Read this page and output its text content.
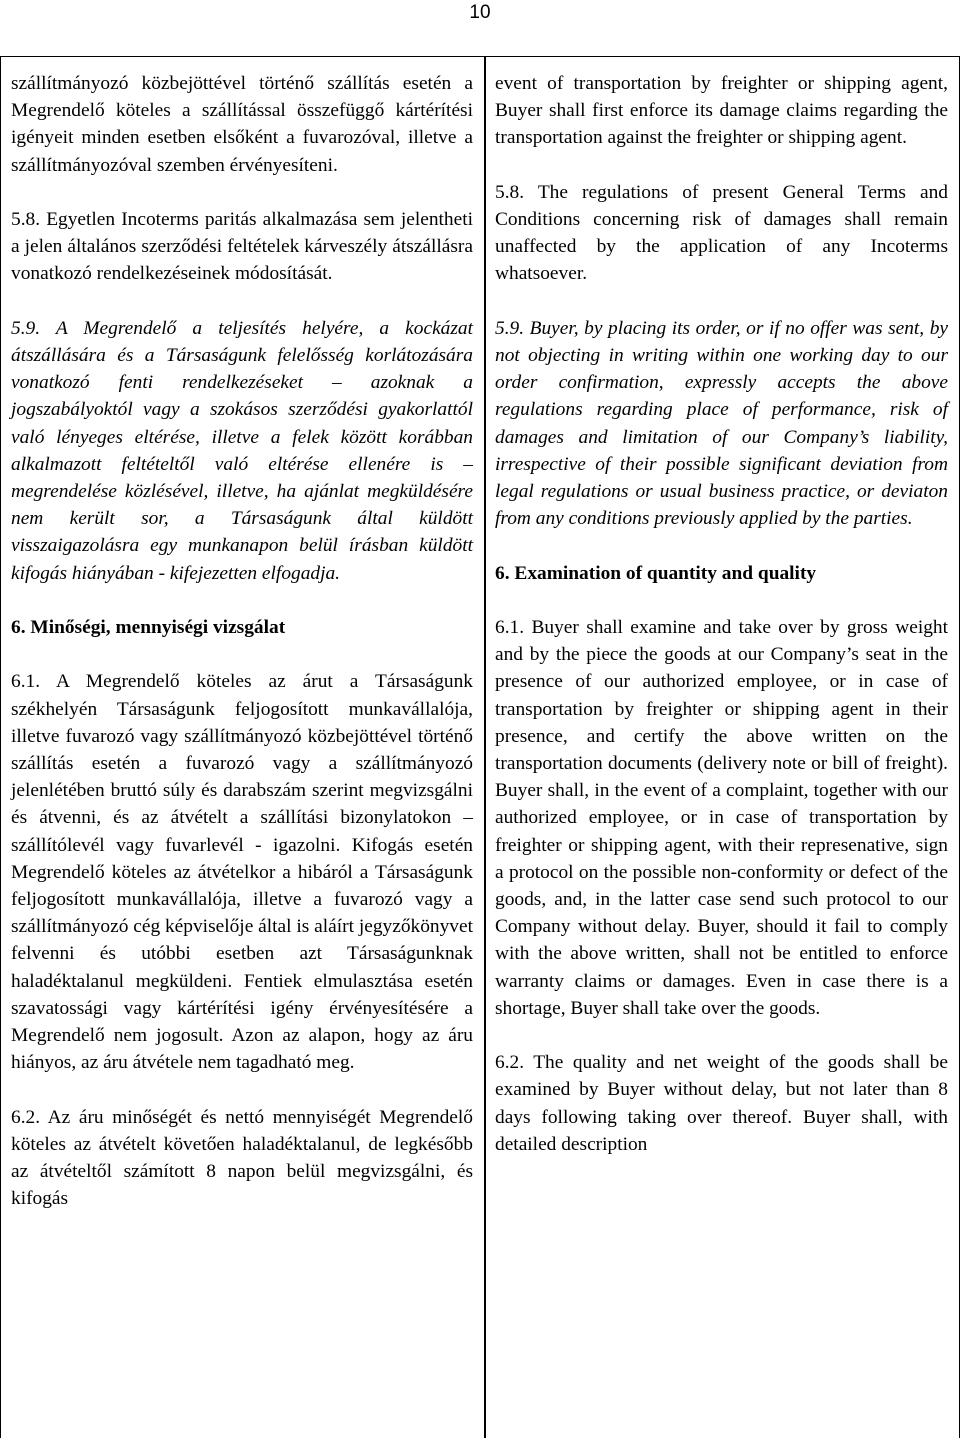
10

szállítmányozó közbejöttével történő szállítás esetén a Megrendelő köteles a szállítással összefüggő kártérítési igényeit minden esetben elsőként a fuvarozóval, illetve a szállítmányozóval szemben érvényesíteni.

5.8. Egyetlen Incoterms paritás alkalmazása sem jelentheti a jelen általános szerződési feltételek kárveszély átszállásra vonatkozó rendelkezéseinek módosítását.

5.9. A Megrendelő a teljesítés helyére, a kockázat átszállására és a Társaságunk felelősség korlátozására vonatkozó fenti rendelkezéseket – azoknak a jogszabályoktól vagy a szokásos szerződési gyakorlattól való lényeges eltérése, illetve a felek között korábban alkalmazott feltételtől való eltérése ellenére is – megrendelése közlésével, illetve, ha ajánlat megküldésére nem került sor, a Társaságunk által küldött visszaigazolásra egy munkanapon belül írásban küldött kifogás hiányában - kifejezetten elfogadja.

6. Minőségi, mennyiségi vizsgálat

6.1. A Megrendelő köteles az árut a Társaságunk székhelyén Társaságunk feljogosított munkavállalója, illetve fuvarozó vagy szállítmányozó közbejöttével történő szállítás esetén a fuvarozó vagy a szállítmányozó jelenlétében bruttó súly és darabszám szerint megvizsgálni és átvenni, és az átvételt a szállítási bizonylatokon – szállítólevél vagy fuvarlevél - igazolni. Kifogás esetén Megrendelő köteles az átvételkor a hibáról a Társaságunk feljogosított munkavállalója, illetve a fuvarozó vagy a szállítmányozó cég képviselője által is aláírt jegyzőkönyvet felvenni és utóbbi esetben azt Társaságunknak haladéktalanul megküldeni. Fentiek elmulasztása esetén szavatossági vagy kártérítési igény érvényesítésére a Megrendelő nem jogosult. Azon az alapon, hogy az áru hiányos, az áru átvétele nem tagadható meg.

6.2. Az áru minőségét és nettó mennyiségét Megrendelő köteles az átvételt követően haladéktalanul, de legkésőbb az átvételtől számított 8 napon belül megvizsgálni, és kifogás

event of transportation by freighter or shipping agent, Buyer shall first enforce its damage claims regarding the transportation against the freighter or shipping agent.

5.8. The regulations of present General Terms and Conditions concerning risk of damages shall remain unaffected by the application of any Incoterms whatsoever.

5.9. Buyer, by placing its order, or if no offer was sent, by not objecting in writing within one working day to our order confirmation, expressly accepts the above regulations regarding place of performance, risk of damages and limitation of our Company’s liability, irrespective of their possible significant deviation from legal regulations or usual business practice, or deviaton from any conditions previously applied by the parties.

6. Examination of quantity and quality

6.1. Buyer shall examine and take over by gross weight and by the piece the goods at our Company’s seat in the presence of our authorized employee, or in case of transportation by freighter or shipping agent in their presence, and certify the above written on the transportation documents (delivery note or bill of freight). Buyer shall, in the event of a complaint, together with our authorized employee, or in case of transportation by freighter or shipping agent, with their represenative, sign a protocol on the possible non-conformity or defect of the goods, and, in the latter case send such protocol to our Company without delay. Buyer, should it fail to comply with the above written, shall not be entitled to enforce warranty claims or damages. Even in case there is a shortage, Buyer shall take over the goods.

6.2. The quality and net weight of the goods shall be examined by Buyer without delay, but not later than 8 days following taking over thereof. Buyer shall, with detailed description
